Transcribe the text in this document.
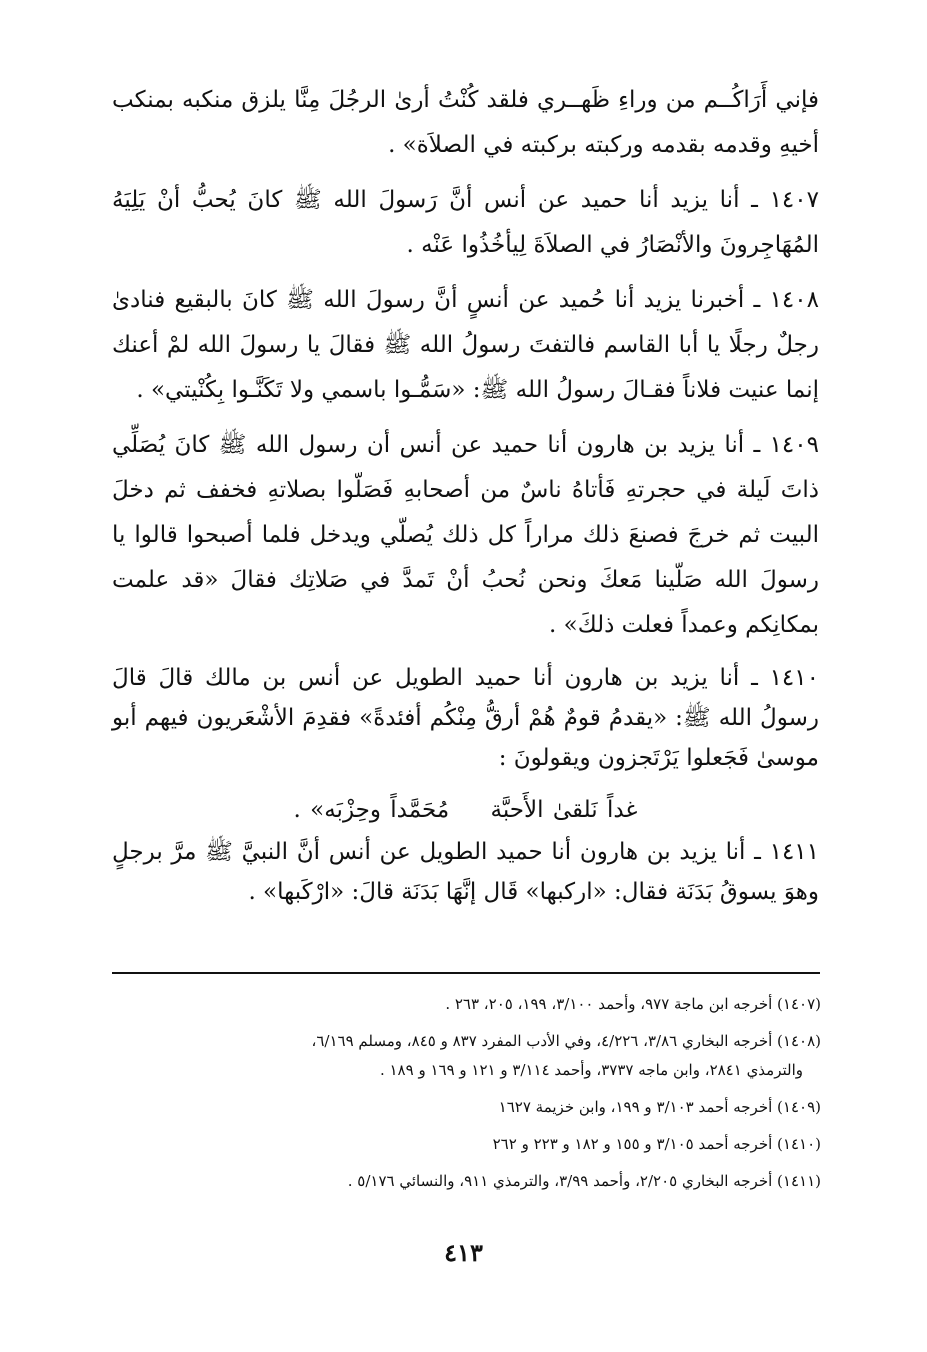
فإني أَرَاكُــم من وراءِ ظَهــري فلقد كُنْتُ أرىٰ الرجُلَ مِنَّا يلزق منكبه بمنكب أخيهِ وقدمه بقدمه وركبته بركبته في الصلاَة» .

١٤٠٧ ـ أنا يزيد أنا حميد عن أنس أنَّ رَسولَ الله ﷺ كانَ يُحبُّ أنْ يَلِيَهُ المُهَاجِرونَ والأنْصَارُ في الصلاَةَ لِيأخُذُوا عَنْه .

١٤٠٨ ـ أخبرنا يزيد أنا حُميد عن أنسٍ أنَّ رسولَ الله ﷺ كانَ بالبقيع فنادىٰ رجلٌ رجلًا يا أبا القاسم فالتفتَ رسولُ الله ﷺ فقالَ يا رسولَ الله لمْ أعنك إنما عنيت فلاناً فقـالَ رسولُ الله ﷺ: «سَمُّـوا باسمي ولا تَكَنَّـوا بِكُنْيتي» .

١٤٠٩ ـ أنا يزيد بن هارون أنا حميد عن أنس أن رسول الله ﷺ كانَ يُصَلِّي ذاتَ لَيلة في حجرتهِ فَأتاهُ ناسٌ من أصحابهِ فَصَلّوا بصلاتهِ فخفف ثم دخلَ البيت ثم خرجَ فصنعَ ذلك مراراً كل ذلك يُصلّي ويدخل فلما أصبحوا قالوا يا رسولَ الله صَلّينا مَعكَ ونحن نُحبُ أنْ تَمدَّ في صَلاتِك فقالَ «قد علمت بمكانِكم وعمداً فعلت ذلكَ» .

١٤١٠ ـ أنا يزيد بن هارون أنا حميد الطويل عن أنس بن مالك قالَ قالَ رسولُ الله ﷺ: «يقدمُ قومٌ هُمْ أرقُّ مِنْكُم أفئدةً» فقدِمَ الأشْعَريون فيهم أبو موسىٰ فَجَعلوا يَرْتَجزون ويقولونَ :

غداً نَلقىٰ الأَحبَّة مُحَمَّداً وحِزْبَه» .

١٤١١ ـ أنا يزيد بن هارون أنا حميد الطويل عن أنس أنَّ النبيَّ ﷺ مرَّ برجلٍ وهوَ يسوقُ بَدَنَة فقال: «اركبها» قَال إنَّهَا بَدَنَة قالَ: «ارْكَبها» .

(١٤٠٧) أخرجه ابن ماجة ٩٧٧، وأحمد ٣/١٠٠، ١٩٩، ٢٠٥، ٢٦٣ .

(١٤٠٨) أخرجه البخاري ٣/٨٦، ٤/٢٢٦، وفي الأدب المفرد ٨٣٧ و ٨٤٥، ومسلم ٦/١٦٩،

والترمذي ٢٨٤١، وابن ماجه ٣٧٣٧، وأحمد ٣/١١٤ و ١٢١ و ١٦٩ و ١٨٩ .

(١٤٠٩) أخرجه أحمد ٣/١٠٣ و ١٩٩، وابن خزيمة ١٦٢٧

(١٤١٠) أخرجه أحمد ٣/١٠٥ و ١٥٥ و ١٨٢ و ٢٢٣ و ٢٦٢

(١٤١١) أخرجه البخاري ٢/٢٠٥، وأحمد ٣/٩٩، والترمذي ٩١١، والنسائي ٥/١٧٦ .

٤١٣
